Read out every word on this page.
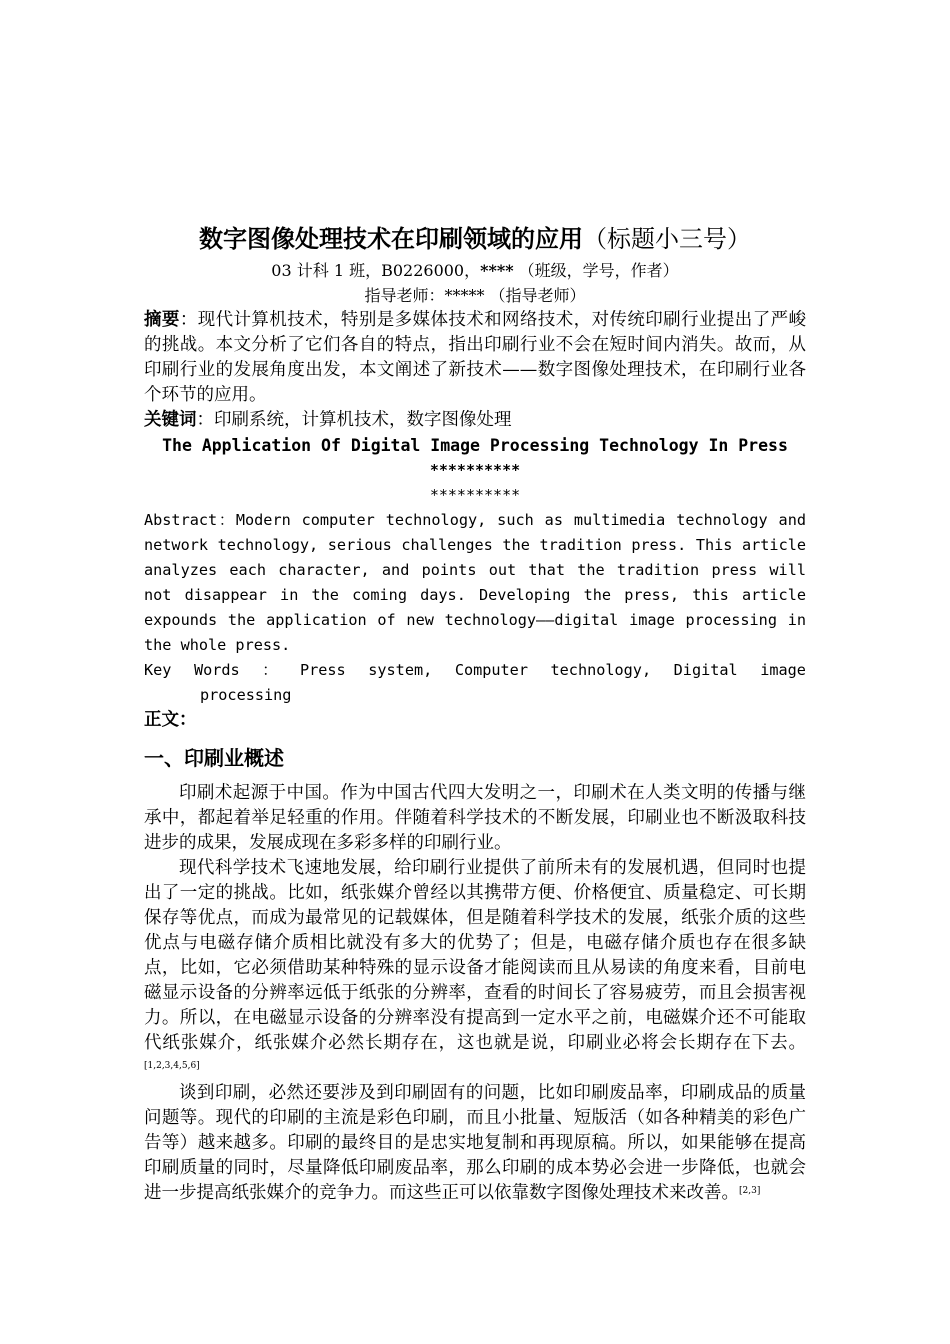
数字图像处理技术在印刷领域的应用（标题小三号）

03 计科 1 班，B0226000，**** （班级，学号，作者）

指导老师：***** （指导老师）

摘要：现代计算机技术，特别是多媒体技术和网络技术，对传统印刷行业提出了严峻的挑战。本文分析了它们各自的特点，指出印刷行业不会在短时间内消失。故而，从印刷行业的发展角度出发，本文阐述了新技术——数字图像处理技术，在印刷行业各个环节的应用。

关键词：印刷系统，计算机技术，数字图像处理

The Application Of Digital Image Processing Technology In Press

**********

**********

Abstract：Modern computer technology, such as multimedia technology and network technology, serious challenges the tradition press. This article analyzes each character, and points out that the tradition press will not disappear in the coming days. Developing the press, this article expounds the application of new technology——digital image processing in the whole press.

Key Words ： Press system, Computer technology, Digital image
processing

正文：

一、印刷业概述

印刷术起源于中国。作为中国古代四大发明之一，印刷术在人类文明的传播与继承中，都起着举足轻重的作用。伴随着科学技术的不断发展，印刷业也不断汲取科技进步的成果，发展成现在多彩多样的印刷行业。

现代科学技术飞速地发展，给印刷行业提供了前所未有的发展机遇，但同时也提出了一定的挑战。比如，纸张媒介曾经以其携带方便、价格便宜、质量稳定、可长期保存等优点，而成为最常见的记载媒体，但是随着科学技术的发展，纸张介质的这些优点与电磁存储介质相比就没有多大的优势了；但是，电磁存储介质也存在很多缺点，比如，它必须借助某种特殊的显示设备才能阅读而且从易读的角度来看，目前电磁显示设备的分辨率远低于纸张的分辨率，查看的时间长了容易疲劳，而且会损害视力。所以，在电磁显示设备的分辨率没有提高到一定水平之前，电磁媒介还不可能取代纸张媒介，纸张媒介必然长期存在，这也就是说，印刷业必将会长期存在下去。[1,2,3,4,5,6]

谈到印刷，必然还要涉及到印刷固有的问题，比如印刷废品率，印刷成品的质量问题等。现代的印刷的主流是彩色印刷，而且小批量、短版活（如各种精美的彩色广告等）越来越多。印刷的最终目的是忠实地复制和再现原稿。所以，如果能够在提高印刷质量的同时，尽量降低印刷废品率，那么印刷的成本势必会进一步降低，也就会进一步提高纸张媒介的竞争力。而这些正可以依靠数字图像处理技术来改善。[2,3]
